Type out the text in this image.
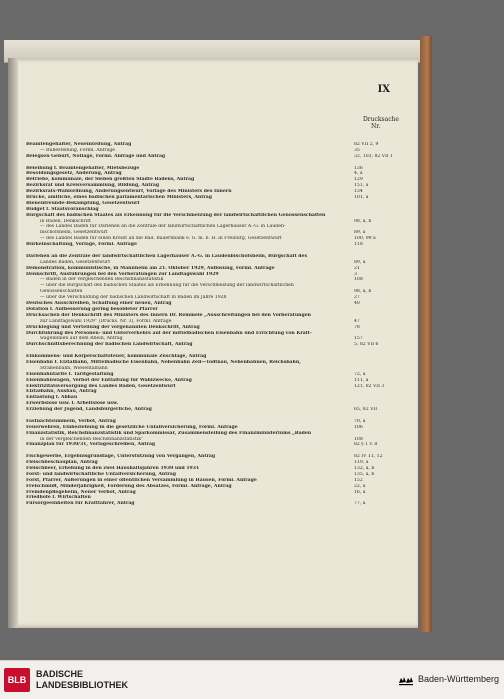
IX
Drucksache
Nr.
Beamtengehälter, Neueinteilung, Antrag	82 VII 2, 9
— Ruhestellung, Förml. Anfrage	35
Belegsen Geburt, Notlage, Förml. Anfrage und Antrag	32, 103, 82 VII 1
Beleihung f. Beamtengehälter, Mietsbezüge	136
Besoldungsgesetz, Änderung, Antrag	4, a
Betriebe, kommunale, der Sieben größten Städte Badens, Antrag	129
Bezirksrat und Kreisversammlung, Bildung, Antrag	151, a
Bezirksrats-Wahlordnung, Änderungsentwurf, Vorlage des Ministers des Innern	134
Brücke, amtliche, eines badischen parlamentarischen Ministers, Antrag	101, a
Bienenfreunde-Bekämpfung, Gesetzentwurf
Budget f. Staatsvoranschlag
Bürgschaft des badischen Staates als Erkennung für die Verschmelzung der landwirtschaftlichen Genossenschaften
in Baden, Denkschrift	98, a, b
— des Landes Baden für Darlehen an die Zentrale der landwirtschaftlichen Lagerhäuser A.-G. in Lauden-
bischofsheim, Gesetzentwurf	89, a
— des Landes Baden für einen Kredit an die Bad. Bauernbank e. G. m. b. H. in Freiburg, Gesetzentwurf	100, 99 a
Bürkeinschaltung, Vorlage, Förml. Anfrage	118
Darlehen an die Zentrale der landwirtschaftlichen Lagerhäuser A.-G. in Laudenbischofsheim, Bürgschaft des
Landes Baden, Gesetzentwurf	89, a
Demonstration, kommunistische, in Mannheim am 21. Oktober 1929, Auflösung, Förml. Anfrage	21
Denkschrift, Ausführungen bei den Vorberatungen zur Landtagswahl 1929	3
— Baden in der vergleichenden Reichsfinanzstatistik	108
— über die Bürgschaft des badischen Staates als Erkennung für die Verschmelzung der landwirtschaftlichen
Genossenschaften	98, a, b
— über die Verschuldung der badischen Landwirtschaft in Baden im Jahre 1928	27
Deutsches Ausschreiben, Schaffung einer neuen, Antrag	40
Dotation f. Aufbesserung gering besoldeter Pfarrer
Drucksachen der Denkschrift des Ministers des Innern Dr. Remmele „Ausschreitungen bei den Vorberatungen
zur Landtagswahl 1929“ (Drucks. Nr. 3), Förml. Anfrage	47
Drucklegung und Verteilung der vorgenannten Denkschrift, Antrag	78
Durchführung des Personen- und Güterverkehrs auf der mittelbadischen Eisenbahn und Errichtung von Kraft-
wagenlinien auf dem Rhein, Antrag	157
Durchschnittsberechnung der badischen Landwirtschaft, Antrag	5, 82 VII 6
Einkommens- und Körperschaftsteuer, kommunale Zuschläge, Antrag
Eisenbahn f. Elztalbahn, Mittelbadische Eisenbahn, Nebenbahn Zell—Todtnau, Nebenbahnen, Reichsbahn,
Straßenbahn, Wiesentalbahn
Eisenbahntarife f. Tarifgestaltung	72, a
Eisenbahnwagen, Verbot der Entfaltung für Wahlzwecke, Antrag	111, a
Elektrizitätsversorgung des Landes Baden, Gesetzentwurf	121, 82 VII 3
Elztalbahn, Ausbau, Antrag
Entlastung f. Abbau
Erwerbslose usw. f. Arbeitslose usw.
Erziehung der Jugend, Landsbürgerliche, Antrag	65, 82 VII
Fastnachtsummeln, Verbot, Antrag	70, a
Feuerwehren, Einbeziehung in die gesetzliche Unfallversicherung, Förml. Anfrage	106
Finanzstatistik, Reichsfinanzstatistik und Sparkommissar, Zusammenstellung des Finanzministeriums „Baden
in der vergleichenden Reichsfinanzstatistik“	108
Finanzplan für 1930/31, Vorlageschreiben, Antrag	82 § 1 v. 8
Fischgewerbe, Ergebnisgrundlage, Unterstützung von Vergängen, Antrag	82 IV 11, 12
Fleischbeschauplan, Antrag	119, a
Fleischbeer, Erhebung in den zwei Haushaltsjahren 1930 und 1931	132, a, b
Forst- und landwirtschaftliche Unfallversicherung, Antrag	135, a, b
Forst, Pfarrer, Äußerungen in einer öffentlichen Versammlung in Hausen, Förml. Anfrage	152
Freischmidt, Minderjährigkeit, Förderung des Absatzes, Förml. Anfrage, Antrag	22, a
Fremdenpflegeheim, Neuer Verbot, Antrag	16, a
Friedhöfe f. Wirtschaften
Fürsorgeeinheiten für Kraftfahrer, Antrag	77, a
BLB
BADISCHE
LANDESBIBLIOTHEK
Baden-Württemberg
